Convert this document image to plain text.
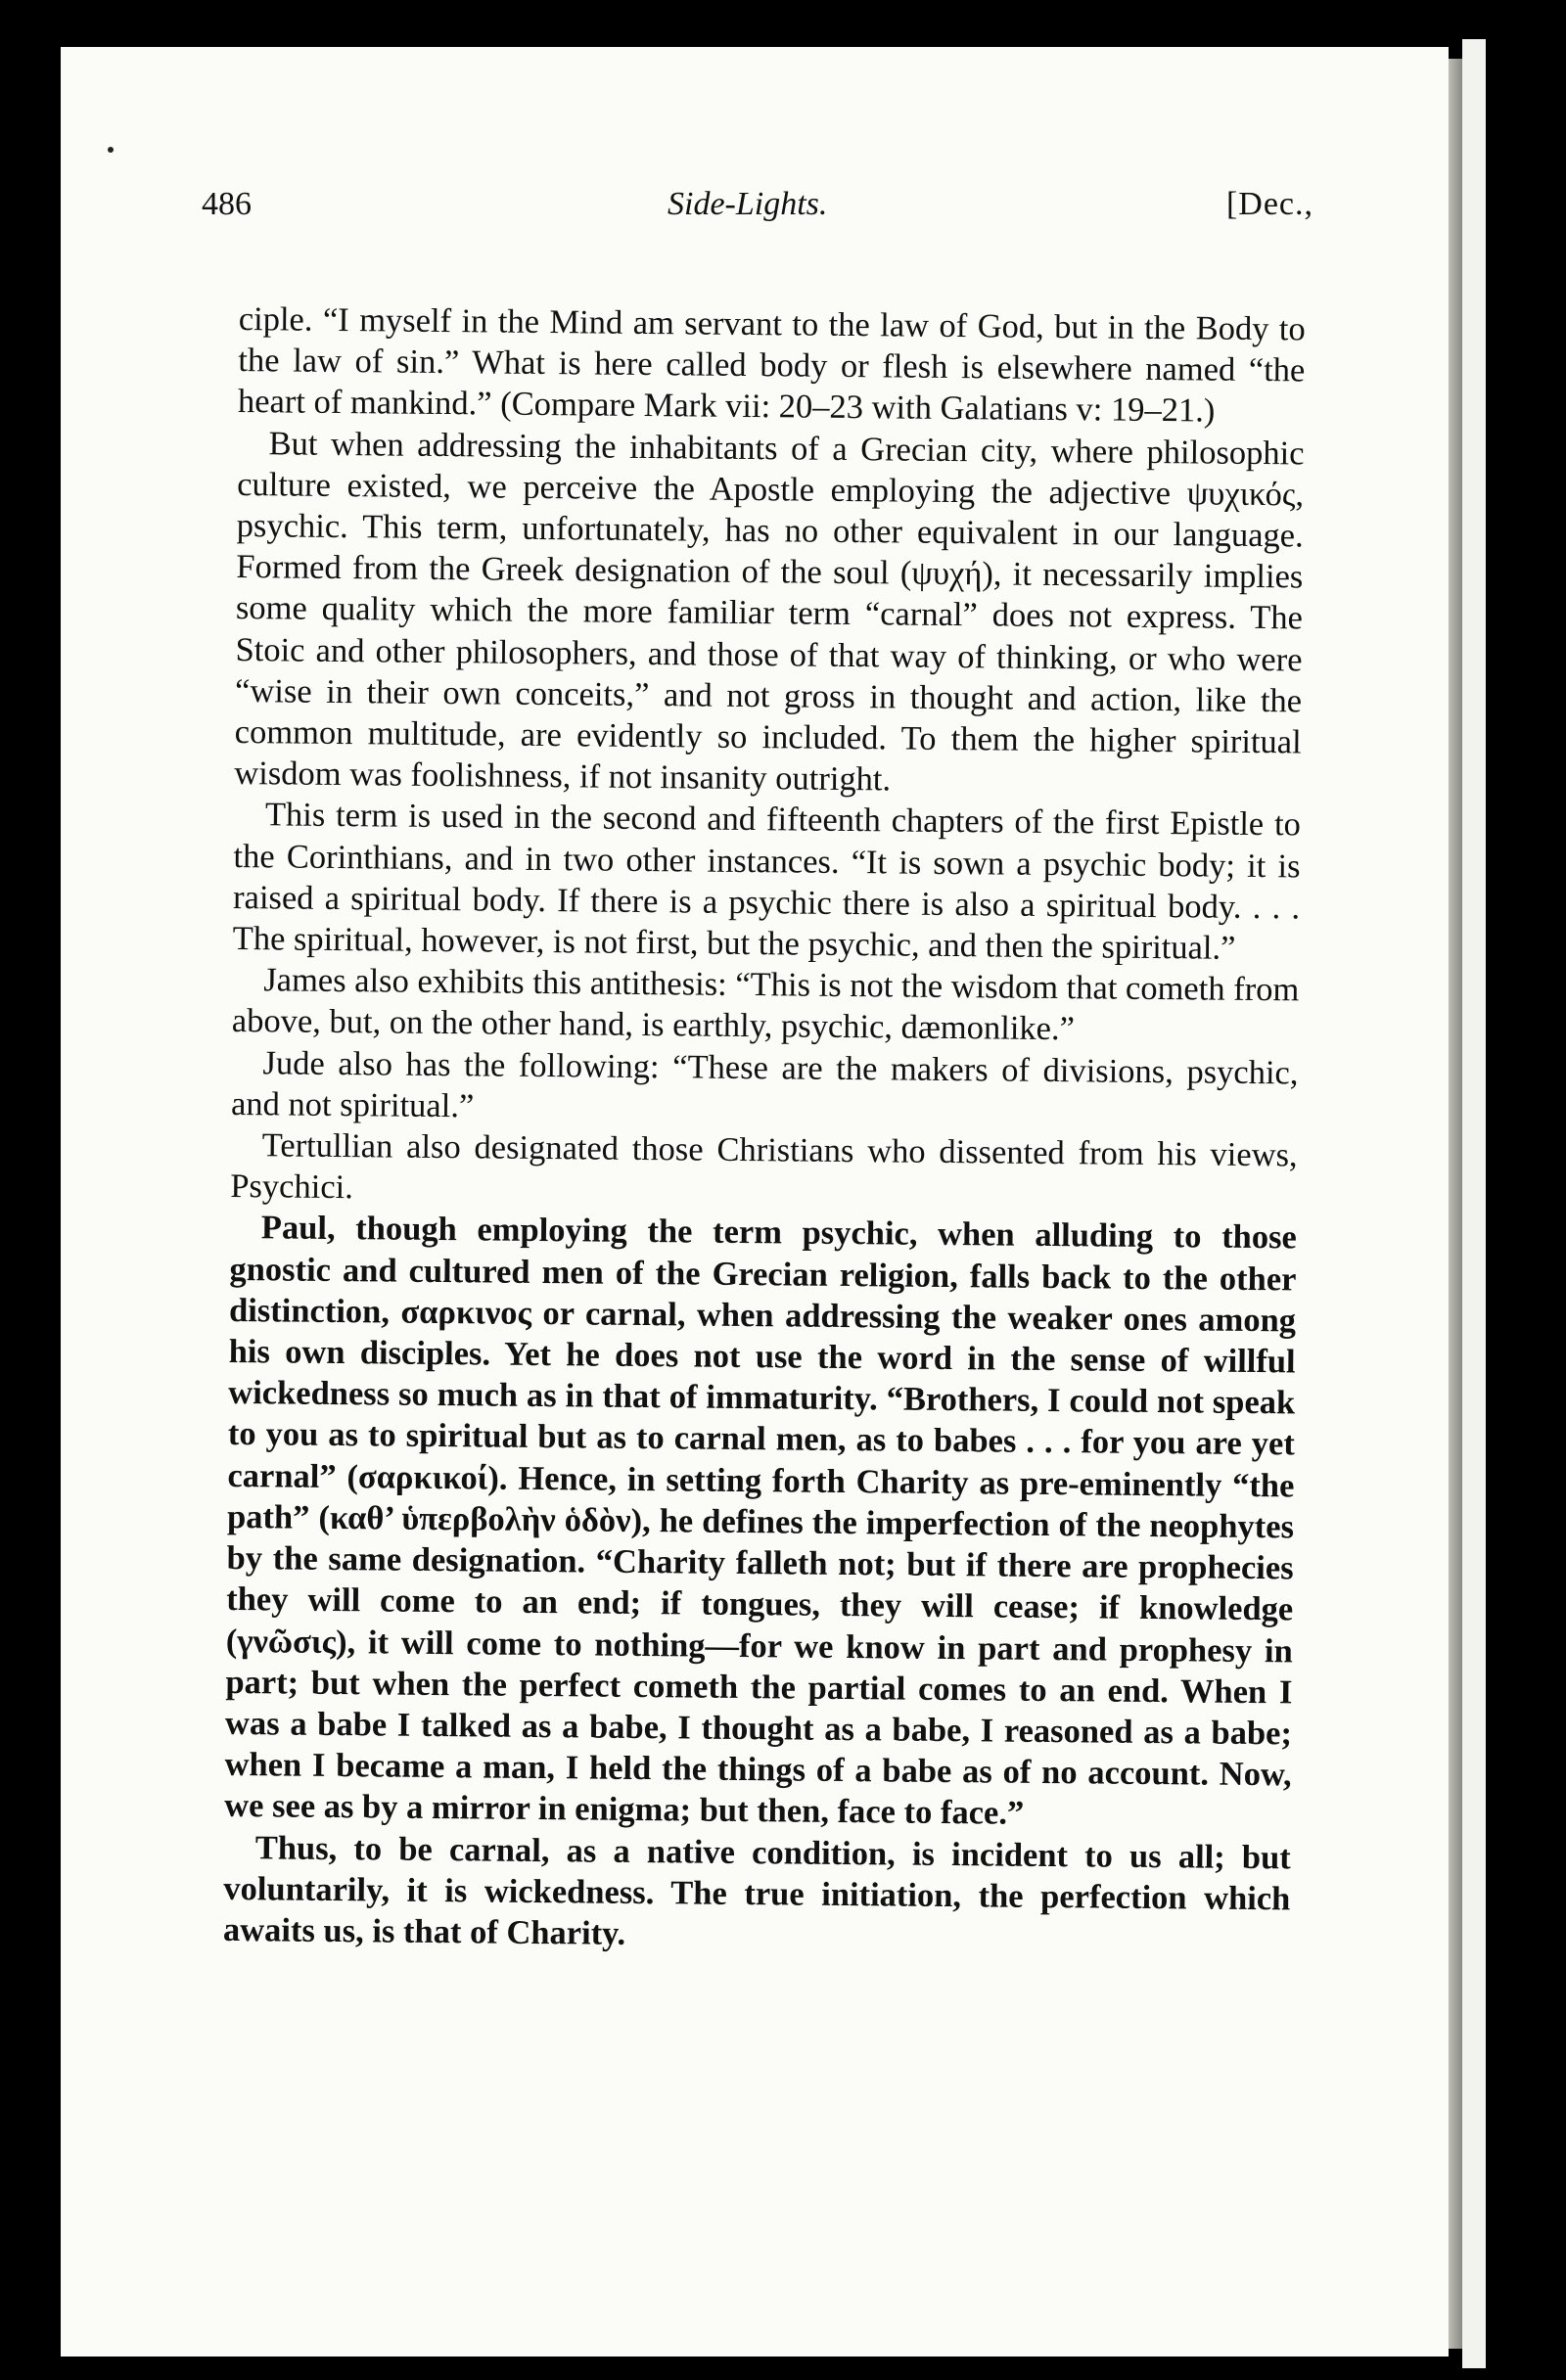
486	Side-Lights.	[Dec.,

ciple. “I myself in the Mind am servant to the law of God, but in the Body to the law of sin.” What is here called body or flesh is elsewhere named “the heart of mankind.” (Compare Mark vii: 20–23 with Galatians v: 19–21.)

But when addressing the inhabitants of a Grecian city, where philosophic culture existed, we perceive the Apostle employing the adjective ψυχικός, psychic. This term, unfortunately, has no other equivalent in our language. Formed from the Greek designation of the soul (ψυχή), it necessarily implies some quality which the more familiar term “carnal” does not express. The Stoic and other philosophers, and those of that way of thinking, or who were “wise in their own conceits,” and not gross in thought and action, like the common multitude, are evidently so included. To them the higher spiritual wisdom was foolishness, if not insanity outright.

This term is used in the second and fifteenth chapters of the first Epistle to the Corinthians, and in two other instances. “It is sown a psychic body; it is raised a spiritual body. If there is a psychic there is also a spiritual body. . . . The spiritual, however, is not first, but the psychic, and then the spiritual.”

James also exhibits this antithesis: “This is not the wisdom that cometh from above, but, on the other hand, is earthly, psychic, dæmonlike.”

Jude also has the following: “These are the makers of divisions, psychic, and not spiritual.”

Tertullian also designated those Christians who dissented from his views, Psychici.

Paul, though employing the term psychic, when alluding to those gnostic and cultured men of the Grecian religion, falls back to the other distinction, σαρκινος or carnal, when addressing the weaker ones among his own disciples. Yet he does not use the word in the sense of willful wickedness so much as in that of immaturity. “Brothers, I could not speak to you as to spiritual but as to carnal men, as to babes . . . for you are yet carnal” (σαρκικοί). Hence, in setting forth Charity as pre-eminently “the path” (καθ’ ὑπερβολὴν ὁδὸν), he defines the imperfection of the neophytes by the same designation. “Charity falleth not; but if there are prophecies they will come to an end; if tongues, they will cease; if knowledge (γνῶσις), it will come to nothing—for we know in part and prophesy in part; but when the perfect cometh the partial comes to an end. When I was a babe I talked as a babe, I thought as a babe, I reasoned as a babe; when I became a man, I held the things of a babe as of no account. Now, we see as by a mirror in enigma; but then, face to face.”

Thus, to be carnal, as a native condition, is incident to us all; but voluntarily, it is wickedness. The true initiation, the perfection which awaits us, is that of Charity.
